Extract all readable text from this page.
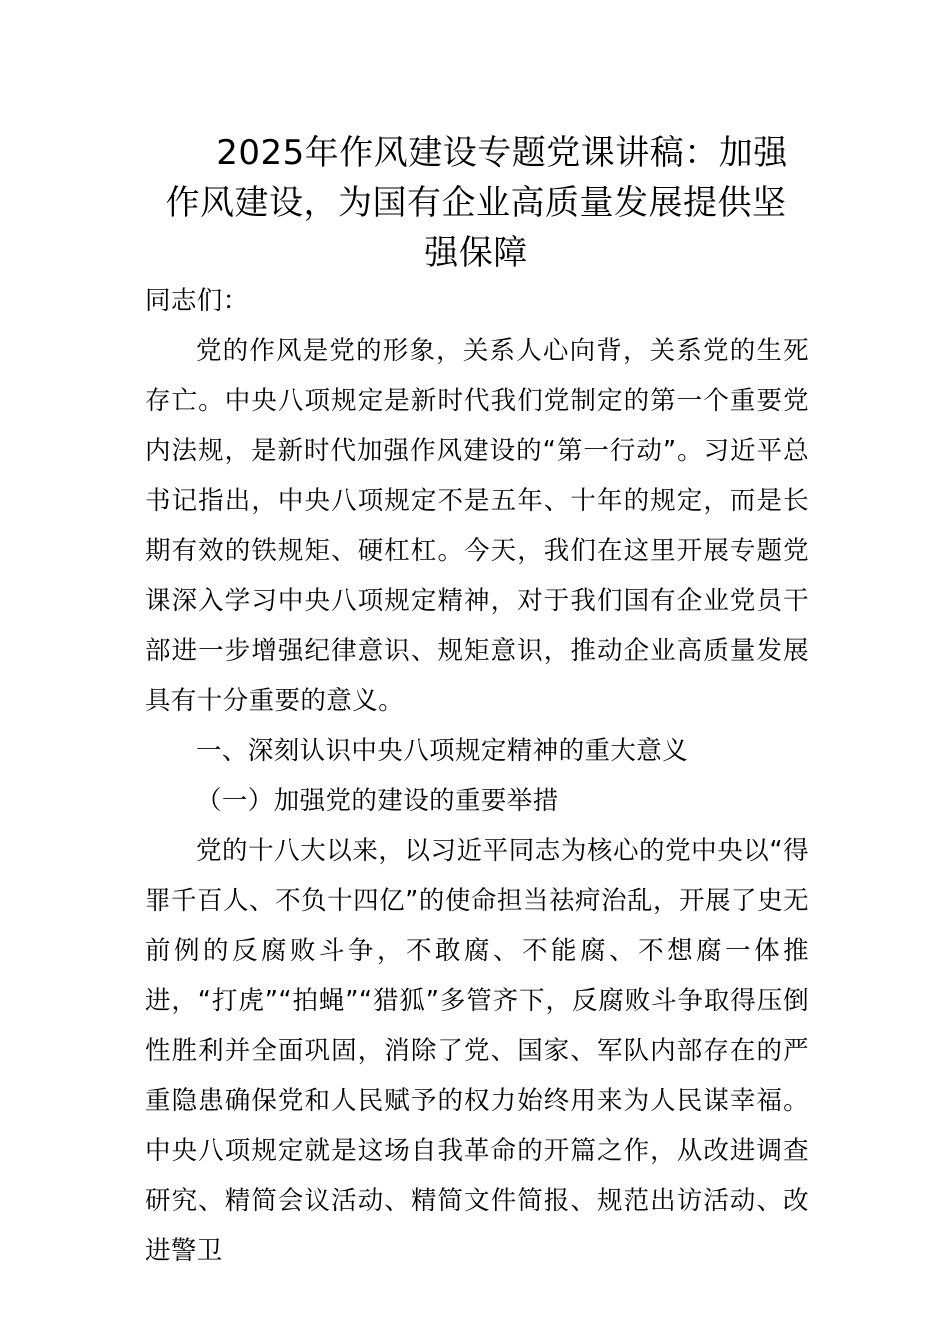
2025年作风建设专题党课讲稿：加强
作风建设，为国有企业高质量发展提供坚
强保障

同志们：

党的作风是党的形象，关系人心向背，关系党的生死存亡。中央八项规定是新时代我们党制定的第一个重要党内法规，是新时代加强作风建设的“第一行动”。习近平总书记指出，中央八项规定不是五年、十年的规定，而是长期有效的铁规矩、硬杠杠。今天，我们在这里开展专题党课深入学习中央八项规定精神，对于我们国有企业党员干部进一步增强纪律意识、规矩意识，推动企业高质量发展具有十分重要的意义。

一、深刻认识中央八项规定精神的重大意义

（一）加强党的建设的重要举措

党的十八大以来，以习近平同志为核心的党中央以“得罪千百人、不负十四亿”的使命担当祛疴治乱，开展了史无前例的反腐败斗争，不敢腐、不能腐、不想腐一体推进，“打虎”“拍蝇”“猎狐”多管齐下，反腐败斗争取得压倒性胜利并全面巩固，消除了党、国家、军队内部存在的严重隐患确保党和人民赋予的权力始终用来为人民谋幸福。中央八项规定就是这场自我革命的开篇之作，从改进调查研究、精简会议活动、精简文件简报、规范出访活动、改进警卫
